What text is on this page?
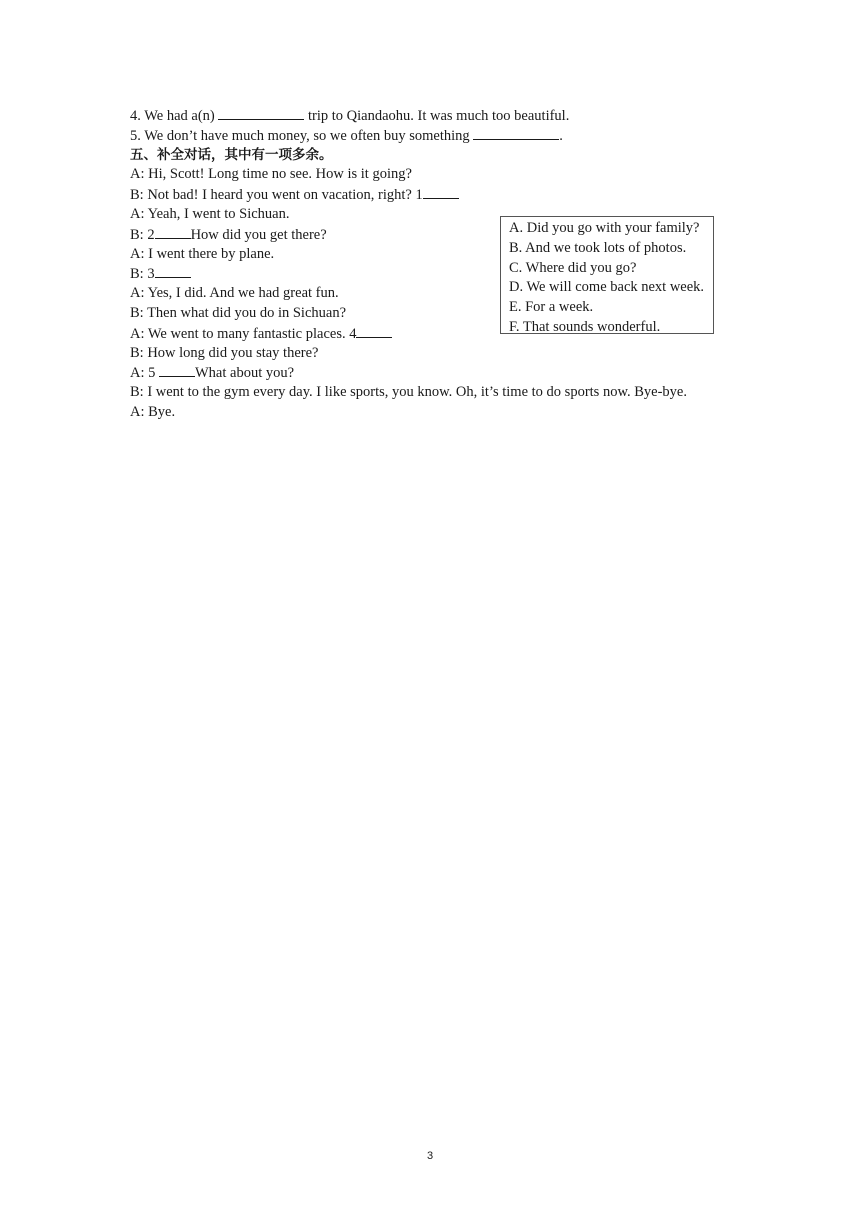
4. We had a(n)	trip to Qiandaohu. It was much too beautiful.
5. We don’t have much money, so we often buy something	.
五、补全对话，其中有一项多余。
A: Hi, Scott! Long time no see. How is it going?
B: Not bad! I heard you went on vacation, right? 1
A: Yeah, I went to Sichuan.
B: 2 How did you get there?
A: I went there by plane.
B: 3
A: Yes, I did. And we had great fun.
B: Then what did you do in Sichuan?
A: We went to many fantastic places. 4
B: How long did you stay there?
A: 5 What about you?
B: I went to the gym every day. I like sports, you know. Oh, it’s time to do sports now. Bye-bye.
A: Bye.
A. Did you go with your family?
B. And we took lots of photos.
C. Where did you go?
D. We will come back next week.
E. For a week.
F. That sounds wonderful.
3
